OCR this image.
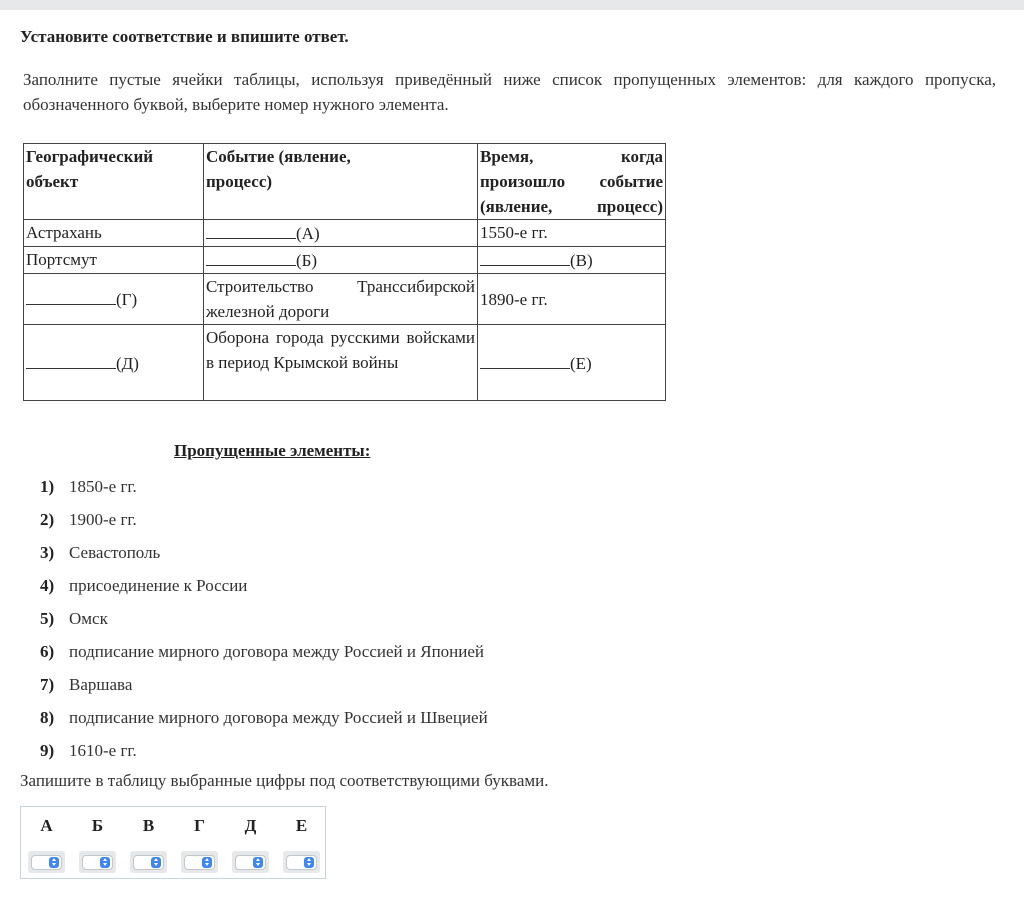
Установите соответствие и впишите ответ.
Заполните пустые ячейки таблицы, используя приведённый ниже список пропущенных элементов: для каждого пропуска, обозначенного буквой, выберите номер нужного элемента.
Географический объект	Событие (явление, процесс)	Время, когда произошло событие (явление, процесс)
Астрахань	(А)	1550-е гг.
Портсмут	(Б)	(В)
(Г)	Строительство Транссибирской железной дороги	1890-е гг.
(Д)	Оборона города русскими войсками в период Крымской войны	(Е)
Пропущенные элементы:
1) 1850-е гг.
2) 1900-е гг.
3) Севастополь
4) присоединение к России
5) Омск
6) подписание мирного договора между Россией и Японией
7) Варшава
8) подписание мирного договора между Россией и Швецией
9) 1610-е гг.
Запишите в таблицу выбранные цифры под соответствующими буквами.
А Б В Г Д Е
